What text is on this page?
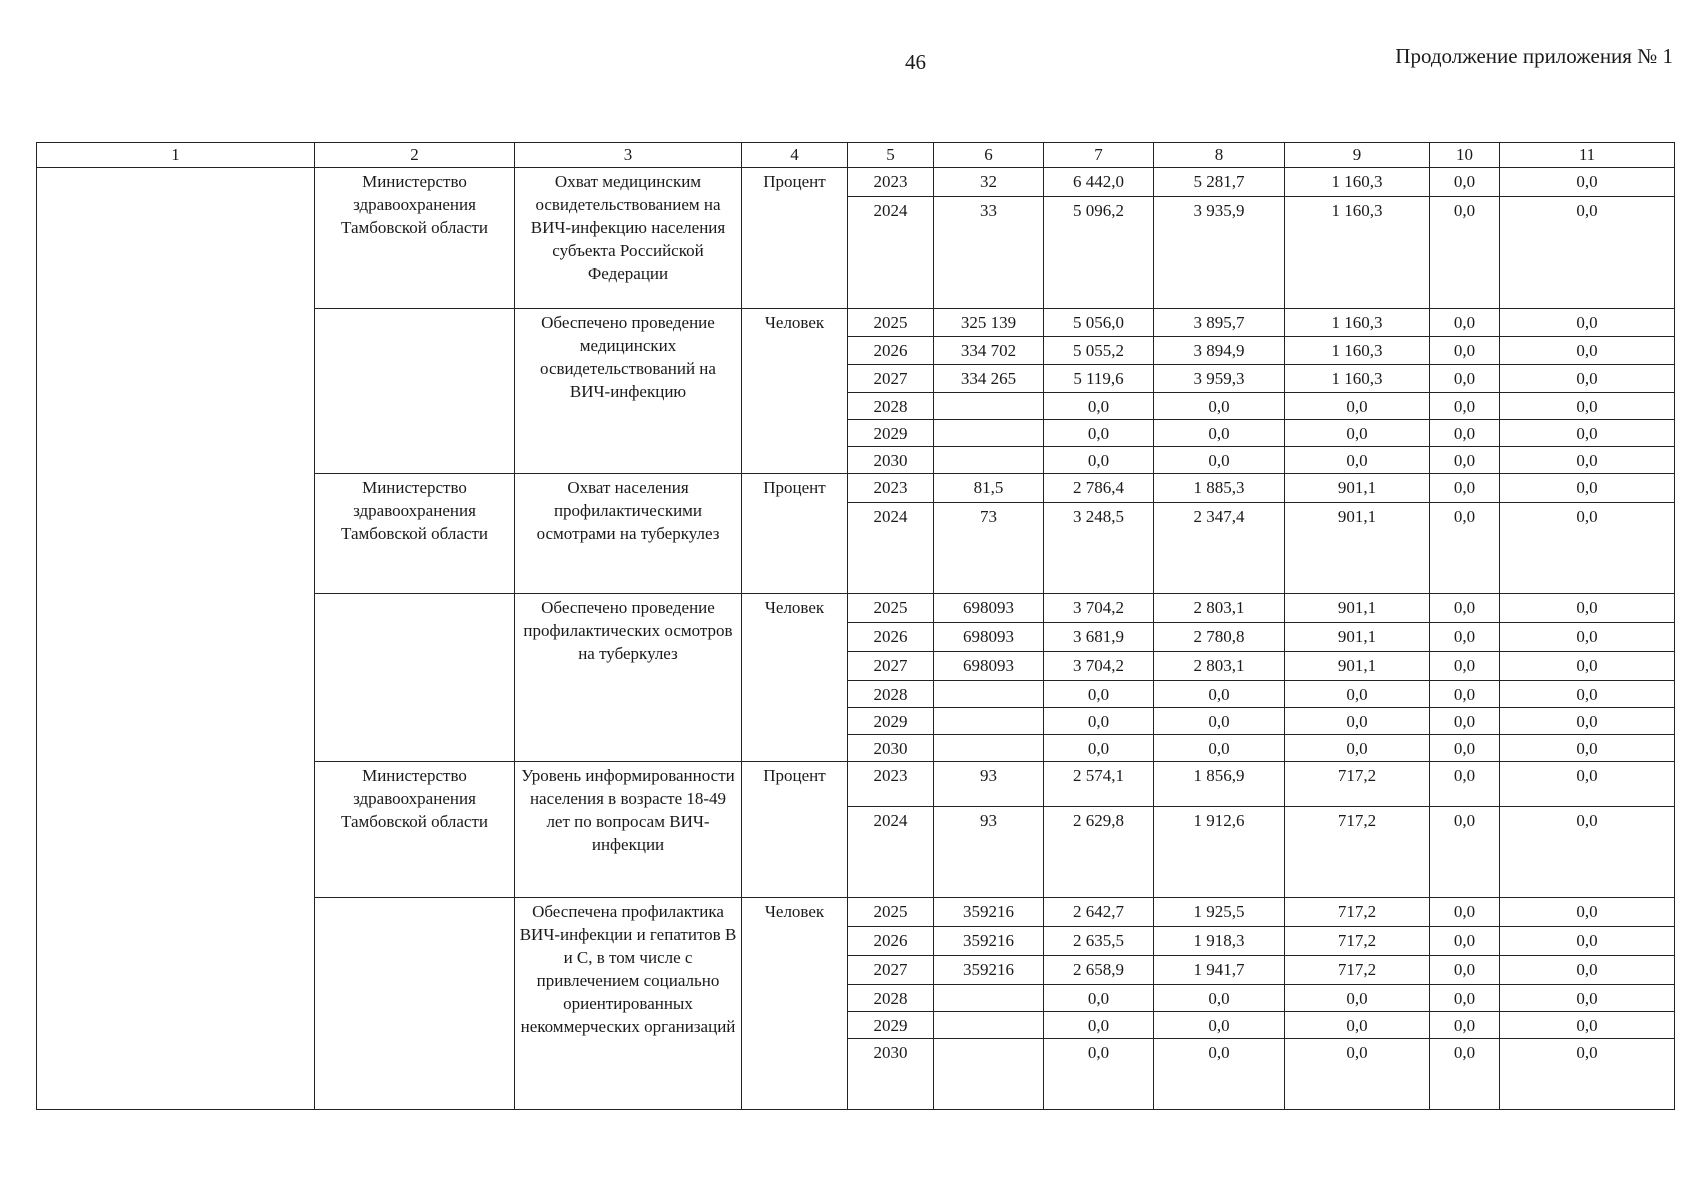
46	Продолжение приложения № 1
1	2	3	4	5	6	7	8	9	10	11
	Министерство здравоохранения Тамбовской области	Охват медицинским освидетельствованием на ВИЧ-инфекцию населения субъекта Российской Федерации	Процент	2023	32	6 442,0	5 281,7	1 160,3	0,0	0,0
				2024	33	5 096,2	3 935,9	1 160,3	0,0	0,0
		Обеспечено проведение медицинских освидетельствований на ВИЧ-инфекцию	Человек	2025	325 139	5 056,0	3 895,7	1 160,3	0,0	0,0
				2026	334 702	5 055,2	3 894,9	1 160,3	0,0	0,0
				2027	334 265	5 119,6	3 959,3	1 160,3	0,0	0,0
				2028		0,0	0,0	0,0	0,0	0,0
				2029		0,0	0,0	0,0	0,0	0,0
				2030		0,0	0,0	0,0	0,0	0,0
	Министерство здравоохранения Тамбовской области	Охват населения профилактическими осмотрами на туберкулез	Процент	2023	81,5	2 786,4	1 885,3	901,1	0,0	0,0
				2024	73	3 248,5	2 347,4	901,1	0,0	0,0
		Обеспечено проведение профилактических осмотров на туберкулез	Человек	2025	698093	3 704,2	2 803,1	901,1	0,0	0,0
				2026	698093	3 681,9	2 780,8	901,1	0,0	0,0
				2027	698093	3 704,2	2 803,1	901,1	0,0	0,0
				2028		0,0	0,0	0,0	0,0	0,0
				2029		0,0	0,0	0,0	0,0	0,0
				2030		0,0	0,0	0,0	0,0	0,0
	Министерство здравоохранения Тамбовской области	Уровень информированности населения в возрасте 18-49 лет по вопросам ВИЧ-инфекции	Процент	2023	93	2 574,1	1 856,9	717,2	0,0	0,0
				2024	93	2 629,8	1 912,6	717,2	0,0	0,0
		Обеспечена профилактика ВИЧ-инфекции и гепатитов В и С, в том числе с привлечением социально ориентированных некоммерческих организаций	Человек	2025	359216	2 642,7	1 925,5	717,2	0,0	0,0
				2026	359216	2 635,5	1 918,3	717,2	0,0	0,0
				2027	359216	2 658,9	1 941,7	717,2	0,0	0,0
				2028		0,0	0,0	0,0	0,0	0,0
				2029		0,0	0,0	0,0	0,0	0,0
				2030		0,0	0,0	0,0	0,0	0,0
